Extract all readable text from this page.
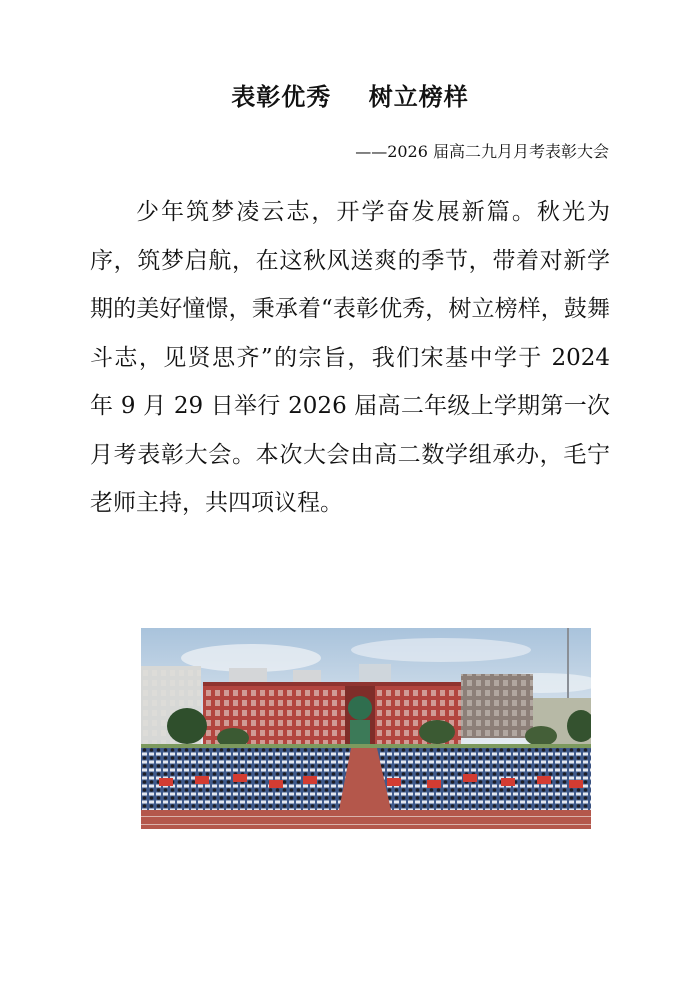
表彰优秀    树立榜样
——2026 届高二九月月考表彰大会

少年筑梦凌云志，开学奋发展新篇。秋光为序，筑梦启航，在这秋风送爽的季节，带着对新学期的美好憧憬，秉承着“表彰优秀，树立榜样，鼓舞斗志，见贤思齐”的宗旨，我们宋基中学于 2024 年 9 月 29 日举行 2026 届高二年级上学期第一次月考表彰大会。本次大会由高二数学组承办，毛宁老师主持，共四项议程。
